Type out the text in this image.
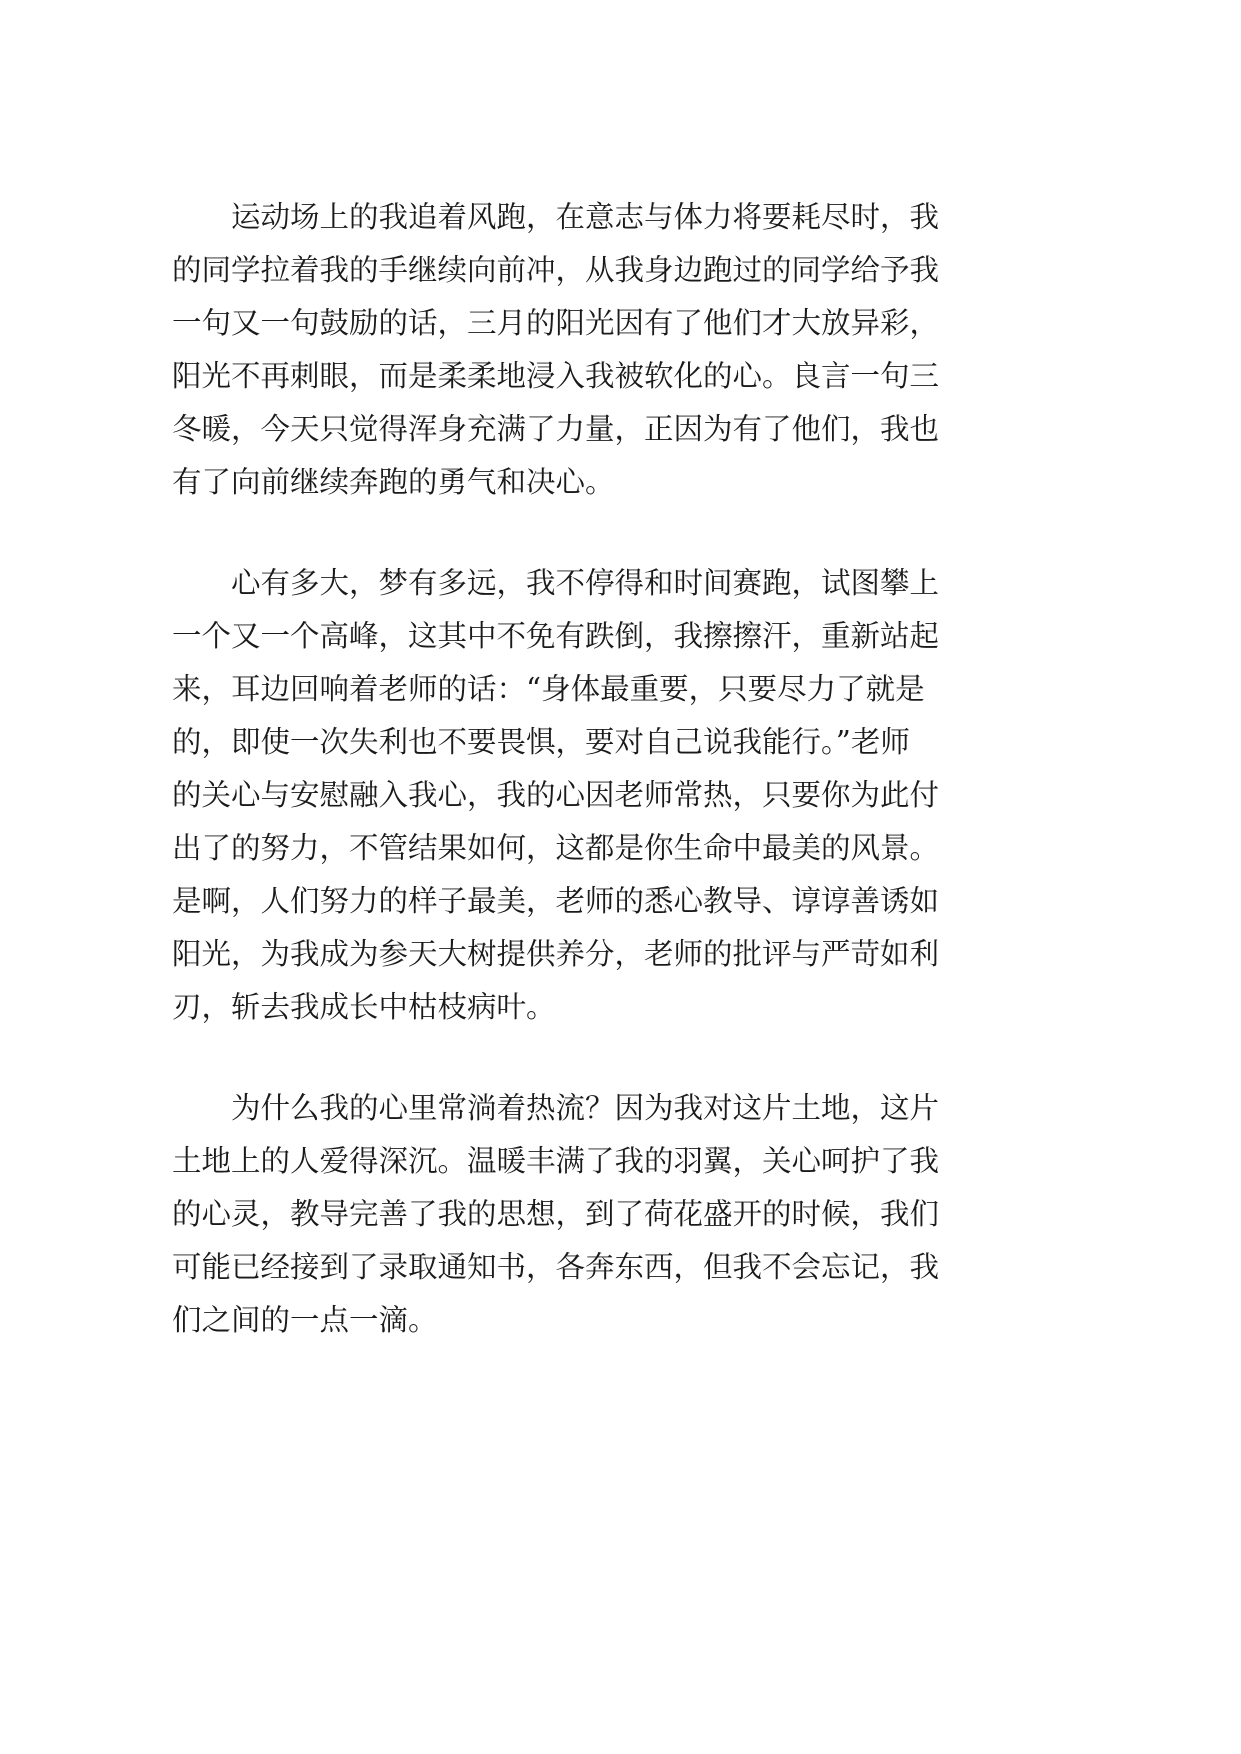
运动场上的我追着风跑，在意志与体力将要耗尽时，我
的同学拉着我的手继续向前冲，从我身边跑过的同学给予我
一句又一句鼓励的话，三月的阳光因有了他们才大放异彩，
阳光不再刺眼，而是柔柔地浸入我被软化的心。良言一句三
冬暖，今天只觉得浑身充满了力量，正因为有了他们，我也
有了向前继续奔跑的勇气和决心。
心有多大，梦有多远，我不停得和时间赛跑，试图攀上
一个又一个高峰，这其中不免有跌倒，我擦擦汗，重新站起
来，耳边回响着老师的话：“身体最重要，只要尽力了就是
的，即使一次失利也不要畏惧，要对自己说我能行。”老师
的关心与安慰融入我心，我的心因老师常热，只要你为此付
出了的努力，不管结果如何，这都是你生命中最美的风景。
是啊，人们努力的样子最美，老师的悉心教导、谆谆善诱如
阳光，为我成为参天大树提供养分，老师的批评与严苛如利
刃，斩去我成长中枯枝病叶。
为什么我的心里常淌着热流？因为我对这片土地，这片
土地上的人爱得深沉。温暖丰满了我的羽翼，关心呵护了我
的心灵，教导完善了我的思想，到了荷花盛开的时候，我们
可能已经接到了录取通知书，各奔东西，但我不会忘记，我
们之间的一点一滴。
